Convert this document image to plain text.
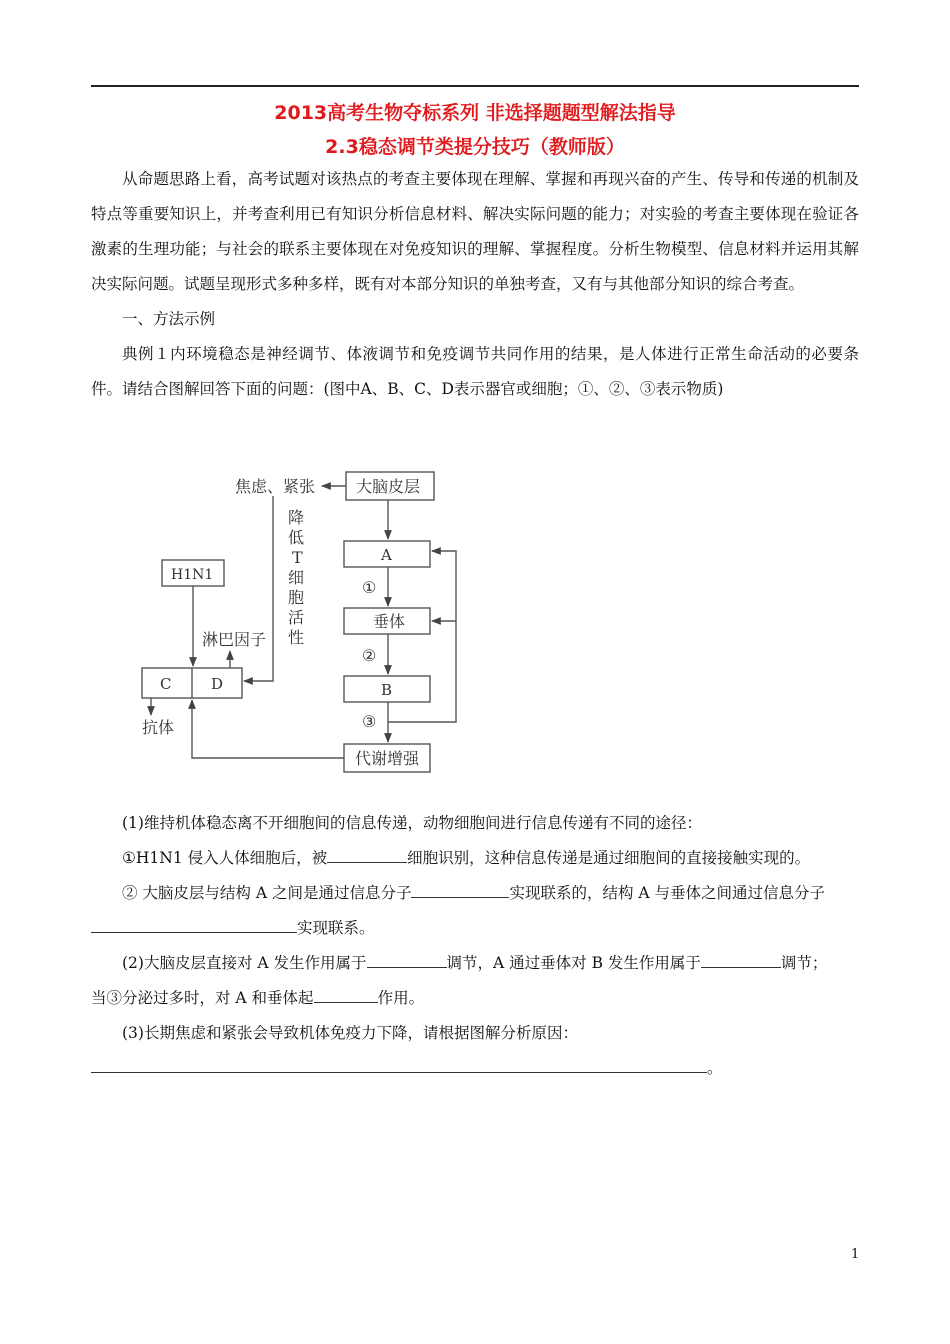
2013高考生物夺标系列 非选择题题型解法指导
2.3稳态调节类提分技巧（教师版）

从命题思路上看，高考试题对该热点的考查主要体现在理解、掌握和再现兴奋的产生、传导和传递的机制及特点等重要知识上，并考查利用已有知识分析信息材料、解决实际问题的能力；对实验的考查主要体现在验证各激素的生理功能；与社会的联系主要体现在对免疫知识的理解、掌握程度。分析生物模型、信息材料并运用其解决实际问题。试题呈现形式多种多样，既有对本部分知识的单独考查，又有与其他部分知识的综合考查。

一、方法示例

典例１内环境稳态是神经调节、体液调节和免疫调节共同作用的结果，是人体进行正常生命活动的必要条件。请结合图解回答下面的问题：(图中A、B、C、D表示器官或细胞；①、②、③表示物质)

焦虑、紧张	大脑皮层
降
低
T
细
胞
活
性
H1N1
淋巴因子
A
垂体
B
C	D
①
②
③
抗体
代谢增强

(1)维持机体稳态离不开细胞间的信息传递，动物细胞间进行信息传递有不同的途径：

①H1N1 侵入人体细胞后，被	细胞识别，这种信息传递是通过细胞间的直接接触实现的。

② 大脑皮层与结构 A 之间是通过信息分子	实现联系的，结构 A 与垂体之间通过信息分子

实现联系。

(2)大脑皮层直接对 A 发生作用属于	调节，A 通过垂体对 B 发生作用属于	调节；

当③分泌过多时，对 A 和垂体起	作用。

(3)长期焦虑和紧张会导致机体免疫力下降，请根据图解分析原因：

。

1
